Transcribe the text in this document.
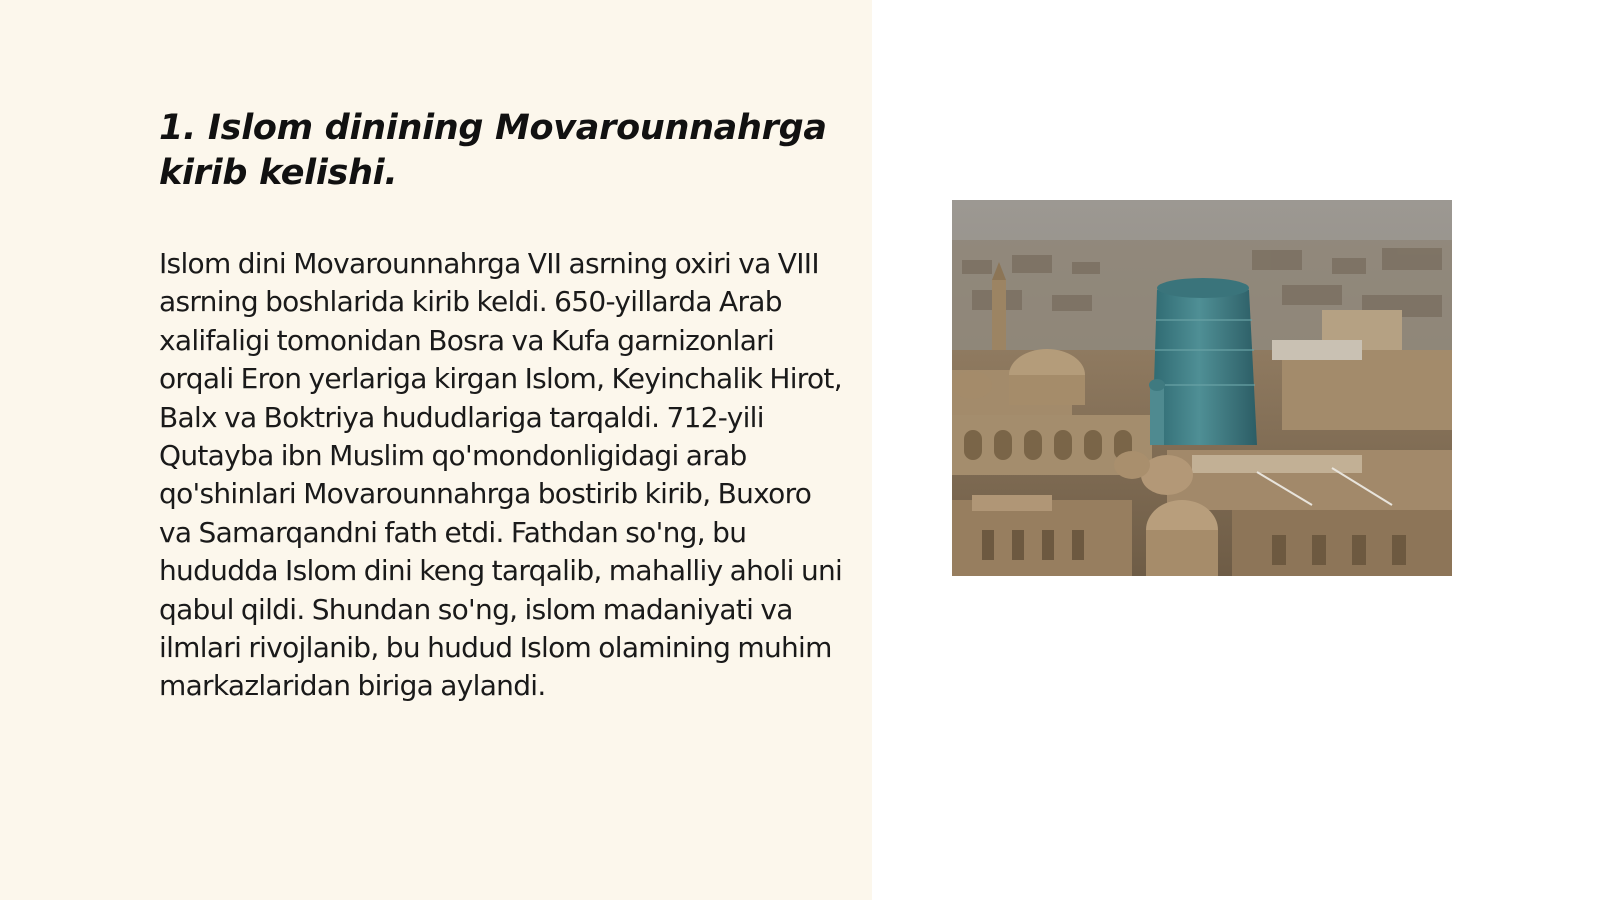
1. Islom dinining Movarounnahrga kirib kelishi.

Islom dini Movarounnahrga VII asrning oxiri va VIII asrning boshlarida kirib keldi. 650-yillarda Arab xalifaligi tomonidan Bosra va Kufa garnizonlari orqali Eron yerlariga kirgan Islom, Keyinchalik Hirot, Balx va Boktriya hududlariga tarqaldi. 712-yili Qutayba ibn Muslim qo'mondonligidagi arab qo'shinlari Movarounnahrga bostirib kirib, Buxoro va Samarqandni fath etdi. Fathdan so'ng, bu hududda Islom dini keng tarqalib, mahalliy aholi uni qabul qildi. Shundan so'ng, islom madaniyati va ilmlari rivojlanib, bu hudud Islom olamining muhim markazlaridan biriga aylandi.
